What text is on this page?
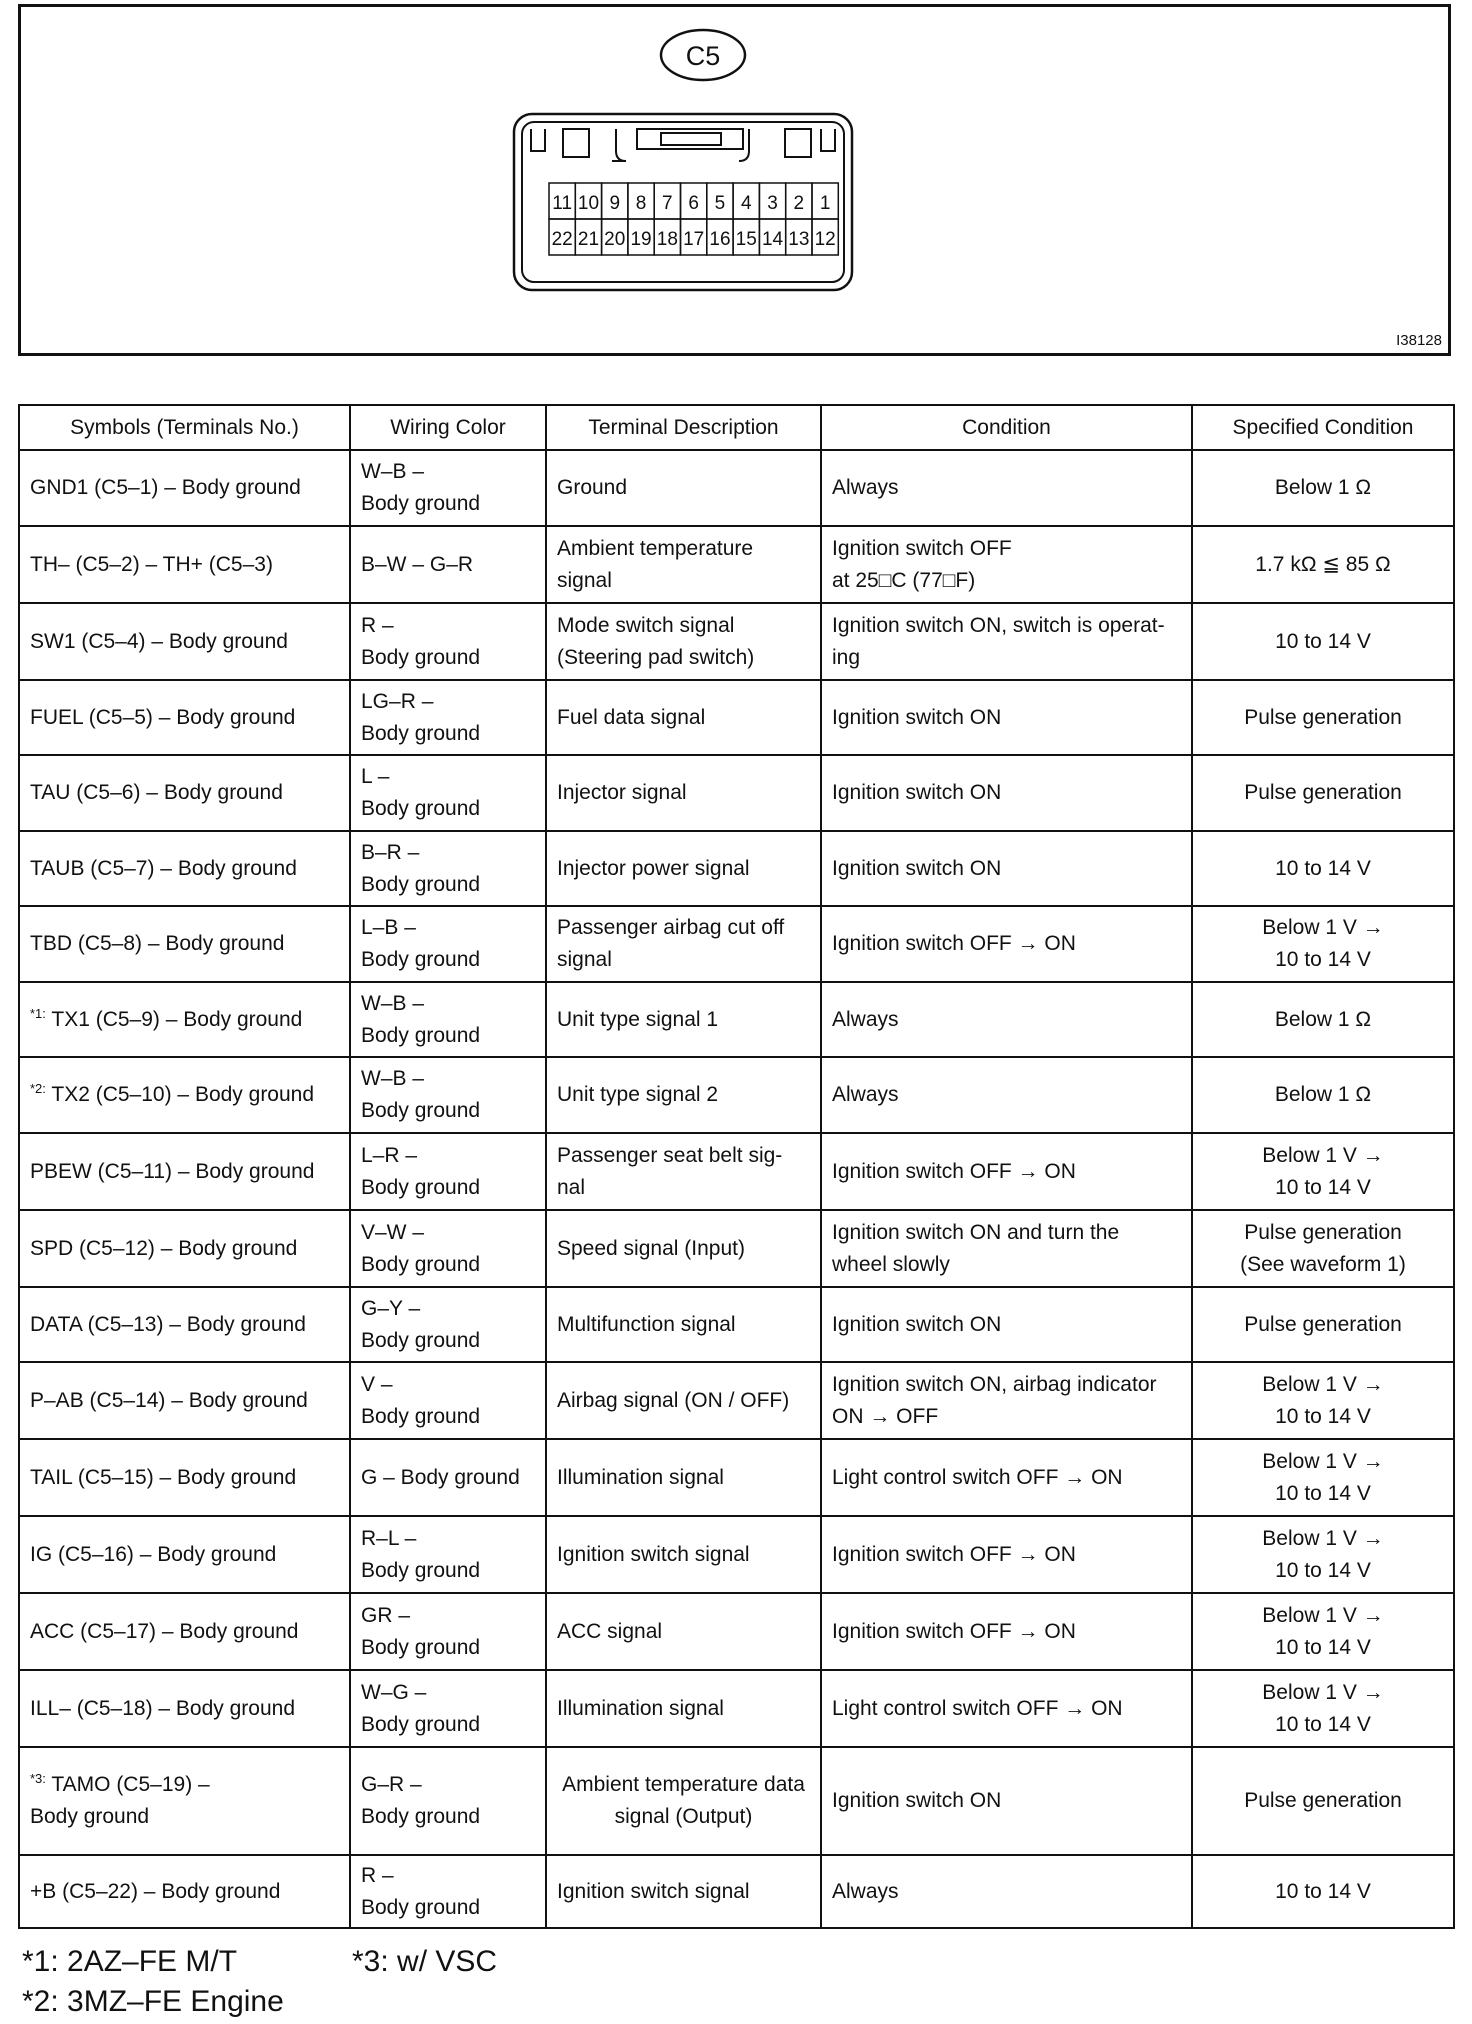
C5
11 10 9 8 7 6 5 4 3 2 1
22 21 20 19 18 17 16 15 14 13 12
I38128
Symbols (Terminals No.)	Wiring Color	Terminal Description	Condition	Specified Condition

GND1 (C5–1) – Body ground	W–B –
Body ground	Ground	Always	Below 1 Ω

TH– (C5–2) – TH+ (C5–3)	B–W – G–R	Ambient temperature
signal	Ignition switch OFF
at 25□C (77□F)	1.7 kΩ ≦ 85 Ω

SW1 (C5–4) – Body ground	R –
Body ground	Mode switch signal
(Steering pad switch)	Ignition switch ON, switch is operat-
ing	10 to 14 V

FUEL (C5–5) – Body ground	LG–R –
Body ground	Fuel data signal	Ignition switch ON	Pulse generation

TAU (C5–6) – Body ground	L –
Body ground	Injector signal	Ignition switch ON	Pulse generation

TAUB (C5–7) – Body ground	B–R –
Body ground	Injector power signal	Ignition switch ON	10 to 14 V

TBD (C5–8) – Body ground	L–B –
Body ground	Passenger airbag cut off
signal	Ignition switch OFF → ON	Below 1 V →
10 to 14 V

$^{*1:}$ TX1 (C5–9) – Body ground	W–B –
Body ground	Unit type signal 1	Always	Below 1 Ω

$^{*2:}$ TX2 (C5–10) – Body ground	W–B –
Body ground	Unit type signal 2	Always	Below 1 Ω

PBEW (C5–11) – Body ground	L–R –
Body ground	Passenger seat belt sig-
nal	Ignition switch OFF → ON	Below 1 V →
10 to 14 V

SPD (C5–12) – Body ground	V–W –
Body ground	Speed signal (Input)	Ignition switch ON and turn the
wheel slowly	Pulse generation
(See waveform 1)

DATA (C5–13) – Body ground	G–Y –
Body ground	Multifunction signal	Ignition switch ON	Pulse generation

P–AB (C5–14) – Body ground	V –
Body ground	Airbag signal (ON / OFF)	Ignition switch ON, airbag indicator
ON → OFF	Below 1 V →
10 to 14 V

TAIL (C5–15) – Body ground	G – Body ground	Illumination signal	Light control switch OFF → ON	Below 1 V →
10 to 14 V

IG (C5–16) – Body ground	R–L –
Body ground	Ignition switch signal	Ignition switch OFF → ON	Below 1 V →
10 to 14 V

ACC (C5–17) – Body ground	GR –
Body ground	ACC signal	Ignition switch OFF → ON	Below 1 V →
10 to 14 V

ILL– (C5–18) – Body ground	W–G –
Body ground	Illumination signal	Light control switch OFF → ON	Below 1 V →
10 to 14 V

$^{*3:}$ TAMO (C5–19) –
Body ground	G–R –
Body ground	Ambient temperature data
signal (Output)	Ignition switch ON	Pulse generation

+B (C5–22) – Body ground	R –
Body ground	Ignition switch signal	Always	10 to 14 V
*1: 2AZ–FE M/T
*2: 3MZ–FE Engine
*3: w/ VSC
